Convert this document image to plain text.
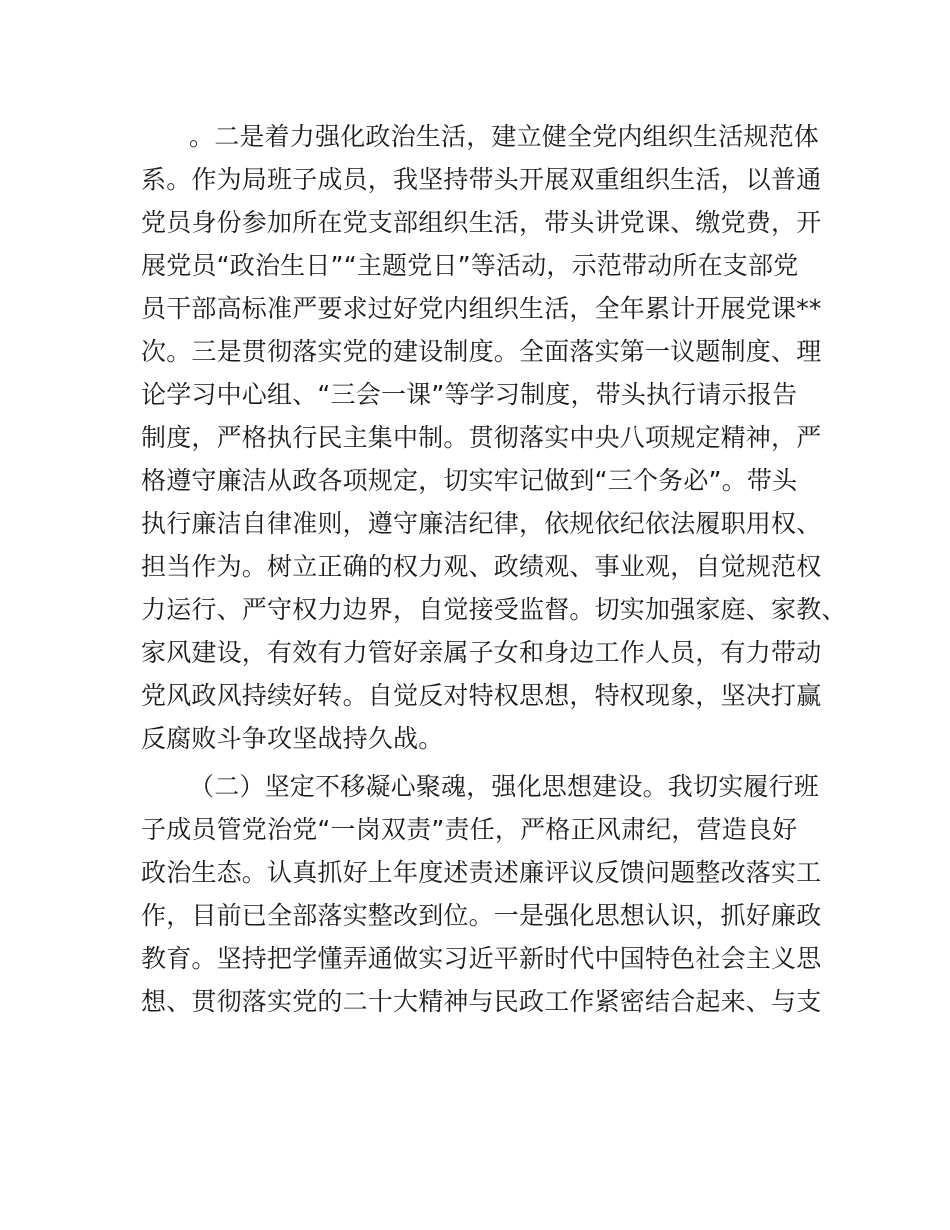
。二是着力强化政治生活，建立健全党内组织生活规范体
系。作为局班子成员，我坚持带头开展双重组织生活，以普通
党员身份参加所在党支部组织生活，带头讲党课、缴党费，开
展党员“政治生日”“主题党日”等活动，示范带动所在支部党
员干部高标准严要求过好党内组织生活，全年累计开展党课**
次。三是贯彻落实党的建设制度。全面落实第一议题制度、理
论学习中心组、“三会一课”等学习制度，带头执行请示报告
制度，严格执行民主集中制。贯彻落实中央八项规定精神，严
格遵守廉洁从政各项规定，切实牢记做到“三个务必”。带头
执行廉洁自律准则，遵守廉洁纪律，依规依纪依法履职用权、
担当作为。树立正确的权力观、政绩观、事业观，自觉规范权
力运行、严守权力边界，自觉接受监督。切实加强家庭、家教、
家风建设，有效有力管好亲属子女和身边工作人员，有力带动
党风政风持续好转。自觉反对特权思想，特权现象，坚决打赢
反腐败斗争攻坚战持久战。
（二）坚定不移凝心聚魂，强化思想建设。我切实履行班
子成员管党治党“一岗双责”责任，严格正风肃纪，营造良好
政治生态。认真抓好上年度述责述廉评议反馈问题整改落实工
作，目前已全部落实整改到位。一是强化思想认识，抓好廉政
教育。坚持把学懂弄通做实习近平新时代中国特色社会主义思
想、贯彻落实党的二十大精神与民政工作紧密结合起来、与支
